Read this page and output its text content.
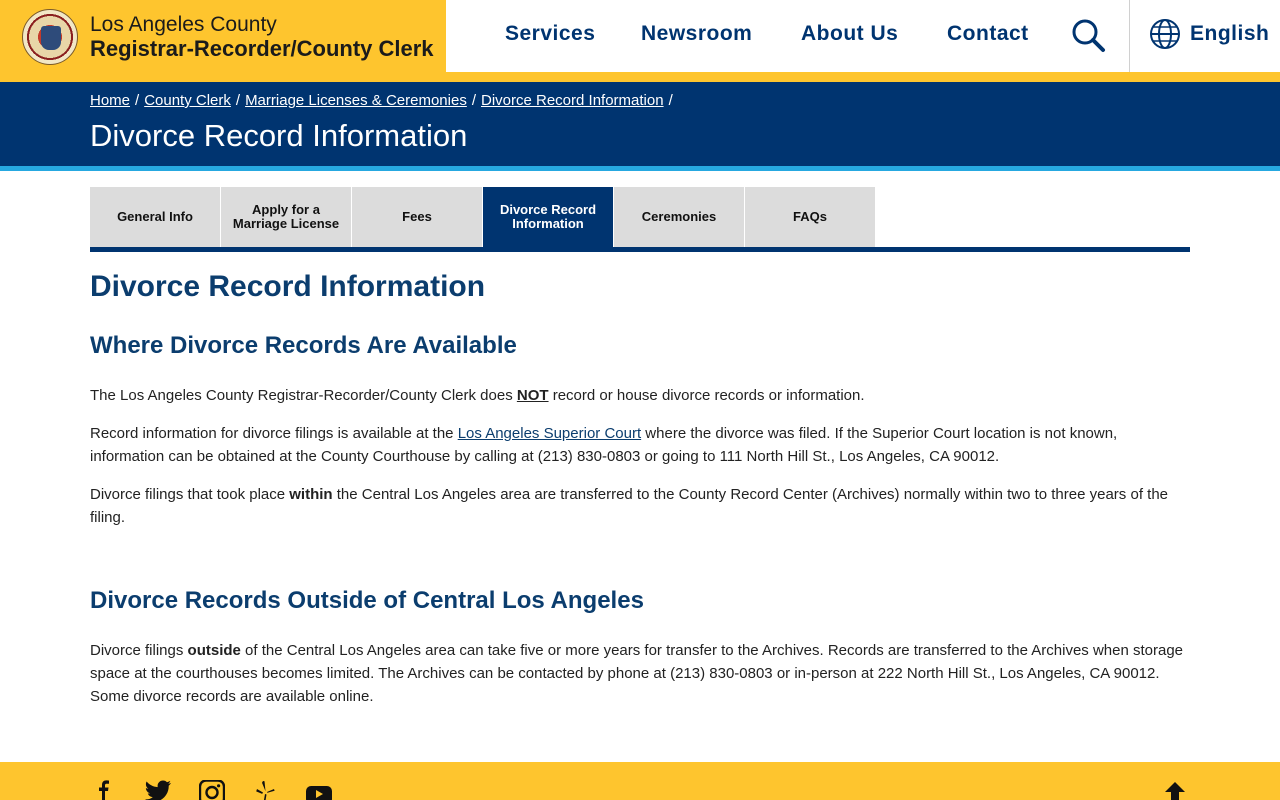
Los Angeles County
Registrar-Recorder/County Clerk
Services Newsroom About Us Contact	English
Home / County Clerk / Marriage Licenses & Ceremonies / Divorce Record Information /
Divorce Record Information
General Info	Apply for a Marriage License	Fees	Divorce Record Information	Ceremonies	FAQs
Divorce Record Information
Where Divorce Records Are Available

The Los Angeles County Registrar-Recorder/County Clerk does NOT record or house divorce records or information.

Record information for divorce filings is available at the Los Angeles Superior Court where the divorce was filed. If the Superior Court location is not known, information can be obtained at the County Courthouse by calling at (213) 830-0803 or going to 111 North Hill St., Los Angeles, CA 90012.

Divorce filings that took place within the Central Los Angeles area are transferred to the County Record Center (Archives) normally within two to three years of the filing.

Divorce Records Outside of Central Los Angeles

Divorce filings outside of the Central Los Angeles area can take five or more years for transfer to the Archives. Records are transferred to the Archives when storage space at the courthouses becomes limited. The Archives can be contacted by phone at (213) 830-0803 or in-person at 222 North Hill St., Los Angeles, CA 90012. Some divorce records are available online.
